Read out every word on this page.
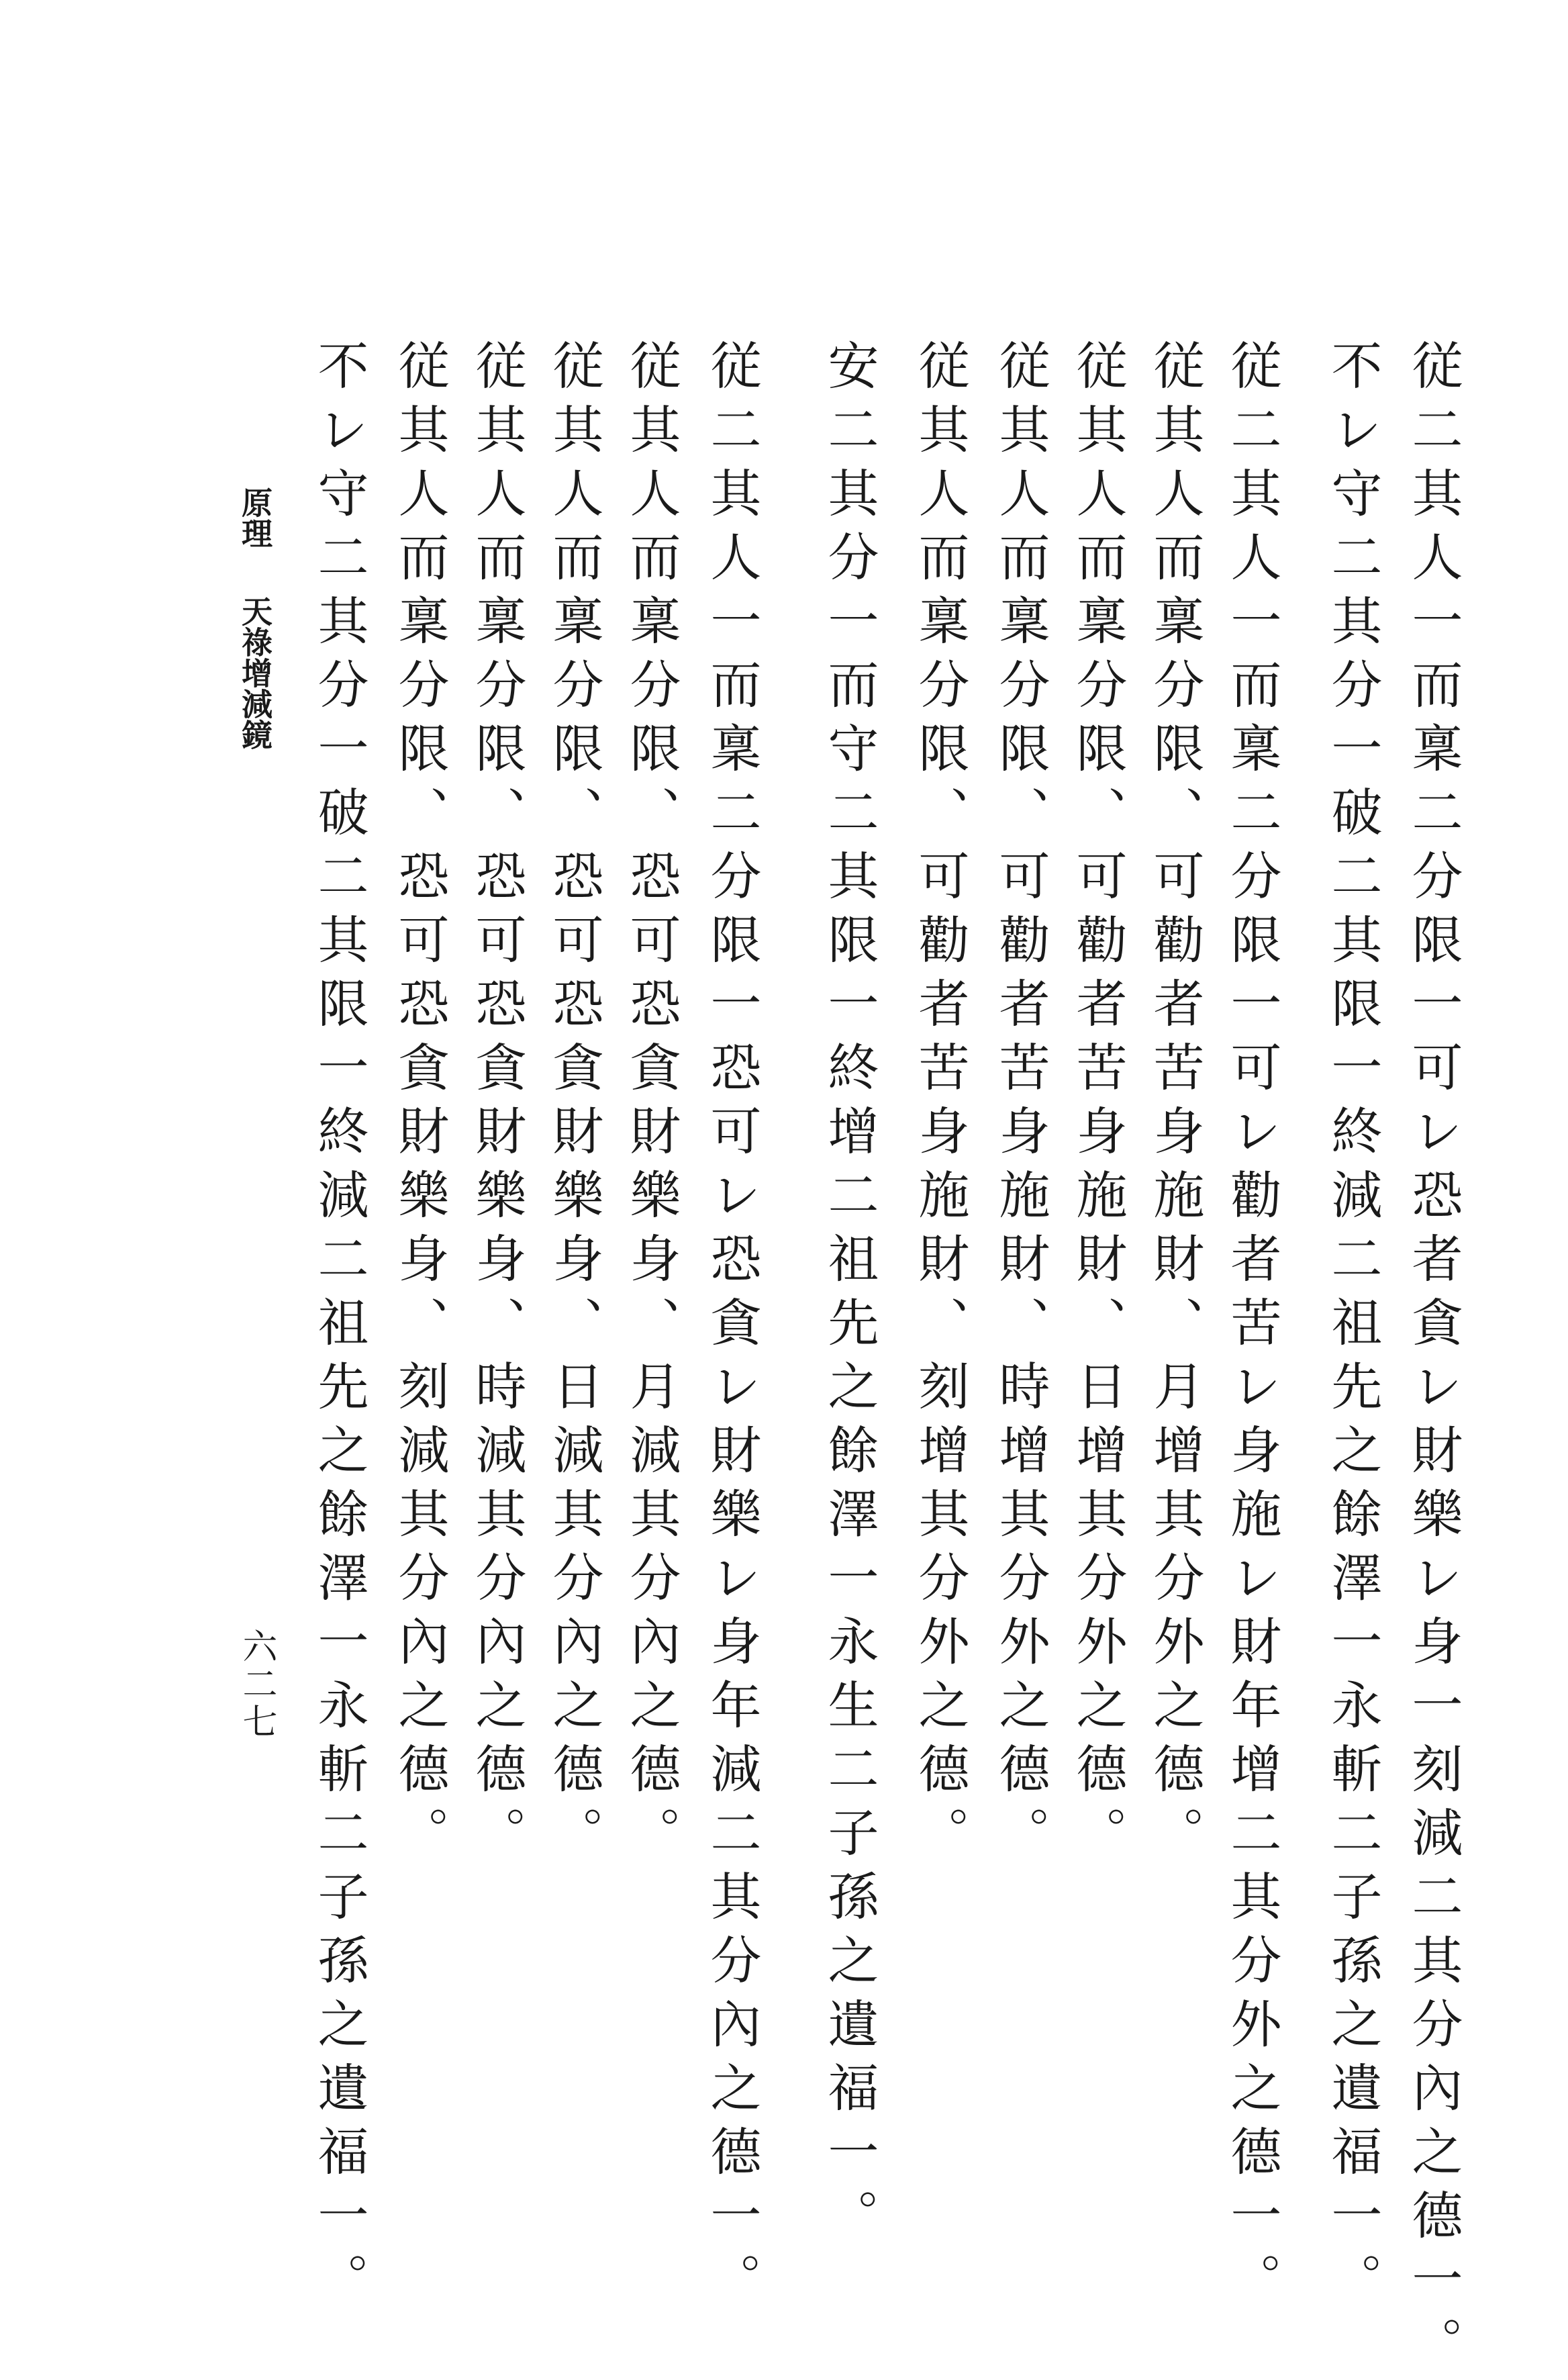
従二其人一而稟二分限一可レ恐者貪レ財樂レ身一刻減二其分內之德一。
不レ守二其分一破二其限一終減二祖先之餘澤一永斬二子孫之遺福一。
従二其人一而稟二分限一可レ勸者苦レ身施レ財年增二其分外之德一。
従其人而稟分限、可勸者苦身施財、月增其分外之德。
従其人而稟分限、可勸者苦身施財、日增其分外之德。
従其人而稟分限、可勸者苦身施財、時增其分外之德。
従其人而稟分限、可勸者苦身施財、刻增其分外之德。
安二其分一而守二其限一終增二祖先之餘澤一永生二子孫之遺福一。
従二其人一而稟二分限一恐可レ恐貪レ財樂レ身年減二其分內之德一。
従其人而稟分限、恐可恐貪財樂身、月減其分內之德。
従其人而稟分限、恐可恐貪財樂身、日減其分內之德。
従其人而稟分限、恐可恐貪財樂身、時減其分內之德。
従其人而稟分限、恐可恐貪財樂身、刻減其分內之德。
不レ守二其分一破二其限一終減二祖先之餘澤一永斬二子孫之遺福一。
原理天祿增減鏡
六二七
